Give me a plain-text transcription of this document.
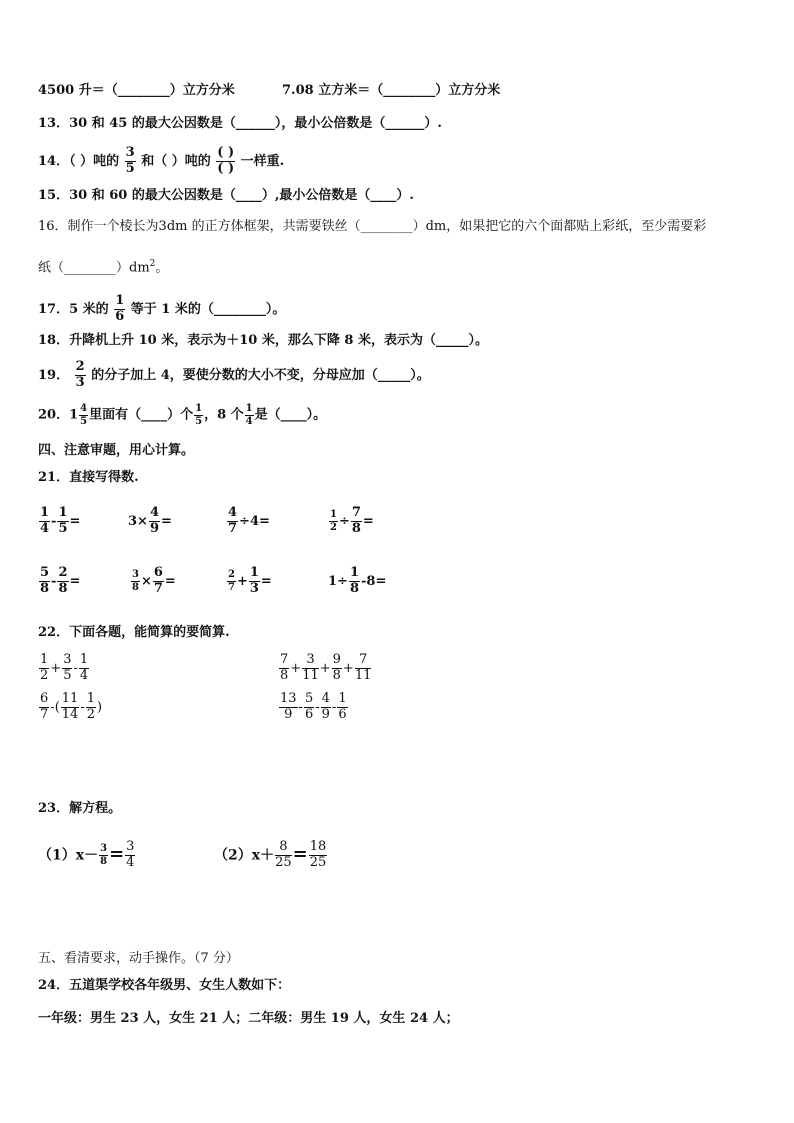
4500 升＝（________）立方分米	7.08 立方米＝（________）立方分米
13．30 和 45 的最大公因数是（______），最小公倍数是（______）.
14．（ ）吨的 $\frac{3}{5}$ 和（ ）吨的
( )
( ) 一样重.
15．30 和 60 的最大公因数是（____）,最小公倍数是（____）.
16．制作一个棱长为3dm 的正方体框架，共需要铁丝（________）dm，如果把它的六个面都贴上彩纸，至少需要彩
纸$(\_\_\_\_\_\_\_\_)dm^2$。
17．5 米的 $\frac{1}{6}$ 等于 1 米的（________）。
18．升降机上升 10 米，表示为＋10 米，那么下降 8 米，表示为（_____）。
19． $\frac{2}{3}$ 的分子加上 4，要使分数的大小不变，分母应加（_____）。
20．$1 \frac{4}{5}$ 里面有（____）个 $\frac{1}{5}$ ，8 个 $\frac{1}{4}$ 是（____）。
四、注意审题，用心计算。
21．直接写得数.
$\frac{1}{4} - \frac{1}{5}$ =	$3\times \frac{4}{9}$ =	$\frac{4}{7} \div 4=$	$\frac{1}{2} \div \frac{7}{8}$ =
$\frac{5}{8} - \frac{2}{8}$ =	$\frac{3}{8} \times \frac{6}{7}$ =	$\frac{2}{7} + \frac{1}{3}$ =	$1\div \frac{1}{8} -8=$
22．下面各题，能简算的要简算.
$\frac{1}{2} + \frac{3}{5} - \frac{1}{4}$	$\frac{7}{8} + \frac{3}{11} + \frac{9}{8} + \frac{7}{11}$
$\frac{6}{7}$ -( $\frac{11}{14} - \frac{1}{2}$ )	$\frac{13}{9} - \frac{5}{6} - \frac{4}{9} - \frac{1}{6}$
23．解方程。
$(1)x- \frac{3}{8} = \frac{3}{4}$	$(2)x+ \frac{8}{25} = \frac{18}{25}$
五、看清要求，动手操作。（7 分）
24．五道渠学校各年级男、女生人数如下：
一年级：男生 23 人，女生 21 人；二年级：男生 19 人，女生 24 人；
